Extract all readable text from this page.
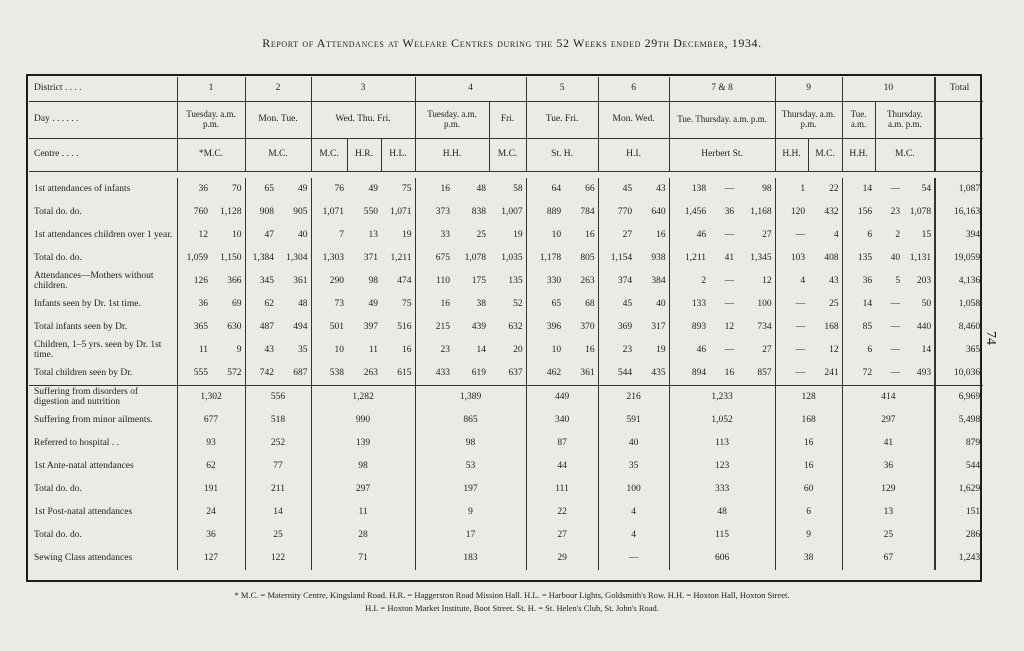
Report of Attendances at Welfare Centres during the 52 Weeks ended 29th December, 1934.
District . . . .	1		2		3			4			5		6		7 & 8			9		10			Total
Day . . . . . .	Tuesday. a.m. p.m.		Mon. Tue.		Wed. Thu. Fri.			Tuesday. a.m. p.m.		Fri.	Tue. Fri.		Mon. Wed.		Tue. Thursday. a.m. p.m.			Thursday. a.m. p.m.		Tue. a.m.	Thursday. a.m. p.m.		
Centre . . . .	*M.C.		M.C.		M.C.	H.R.	H.L.	H.H.		M.C.	St. H.		H.I.		Herbert St.			H.H.	M.C.	H.H.	M.C.		

1st attendances of infants	36	70	65	49	76	49	75	16	48	58	64	66	45	43	138	—	98	1	22	14	—	54	1,087
Total do. do.	760	1,128	908	905	1,071	550	1,071	373	838	1,007	889	784	770	640	1,456	36	1,168	120	432	156	23	1,078	16,163
1st attendances children over 1 year.	12	10	47	40	7	13	19	33	25	19	10	16	27	16	46	—	27	—	4	6	2	15	394
Total do. do.	1,059	1,150	1,384	1,304	1,303	371	1,211	675	1,078	1,035	1,178	805	1,154	938	1,211	41	1,345	103	408	135	40	1,131	19,059
Attendances—Mothers without children.	126	366	345	361	290	98	474	110	175	135	330	263	374	384	2	—	12	4	43	36	5	203	4,136
Infants seen by Dr. 1st time.	36	69	62	48	73	49	75	16	38	52	65	68	45	40	133	—	100	—	25	14	—	50	1,058
Total infants seen by Dr.	365	630	487	494	501	397	516	215	439	632	396	370	369	317	893	12	734	—	168	85	—	440	8,460
Children, 1–5 yrs. seen by Dr. 1st time.	11	9	43	35	10	11	16	23	14	20	10	16	23	19	46	—	27	—	12	6	—	14	365
Total children seen by Dr.	555	572	742	687	538	263	615	433	619	637	462	361	544	435	894	16	857	—	241	72	—	493	10,036
Suffering from disorders of digestion and nutrition	1,302		556		1,282			1,389			449		216		1,233			128		414			6,969
Suffering from minor ailments.	677		518		990			865			340		591		1,052			168		297			5,498
Referred to hospital . .	93		252		139			98			87		40		113			16		41			879
1st Ante-natal attendances	62		77		98			53			44		35		123			16		36			544
Total do. do.	191		211		297			197			111		100		333			60		129			1,629
1st Post-natal attendances	24		14		11			9			22		4		48			6		13			151
Total do. do.	36		25		28			17			27		4		115			9		25			286
Sewing Class attendances	127		122		71			183			29		—		606			38		67			1,243
74
* M.C. = Maternity Centre, Kingsland Road. H.R. = Haggerston Road Mission Hall. H.L. = Harbour Lights, Goldsmith's Row. H.H. = Hoxton Hall, Hoxton Street.
H.I. = Hoxton Market Institute, Boot Street. St. H. = St. Helen's Club, St. John's Road.
